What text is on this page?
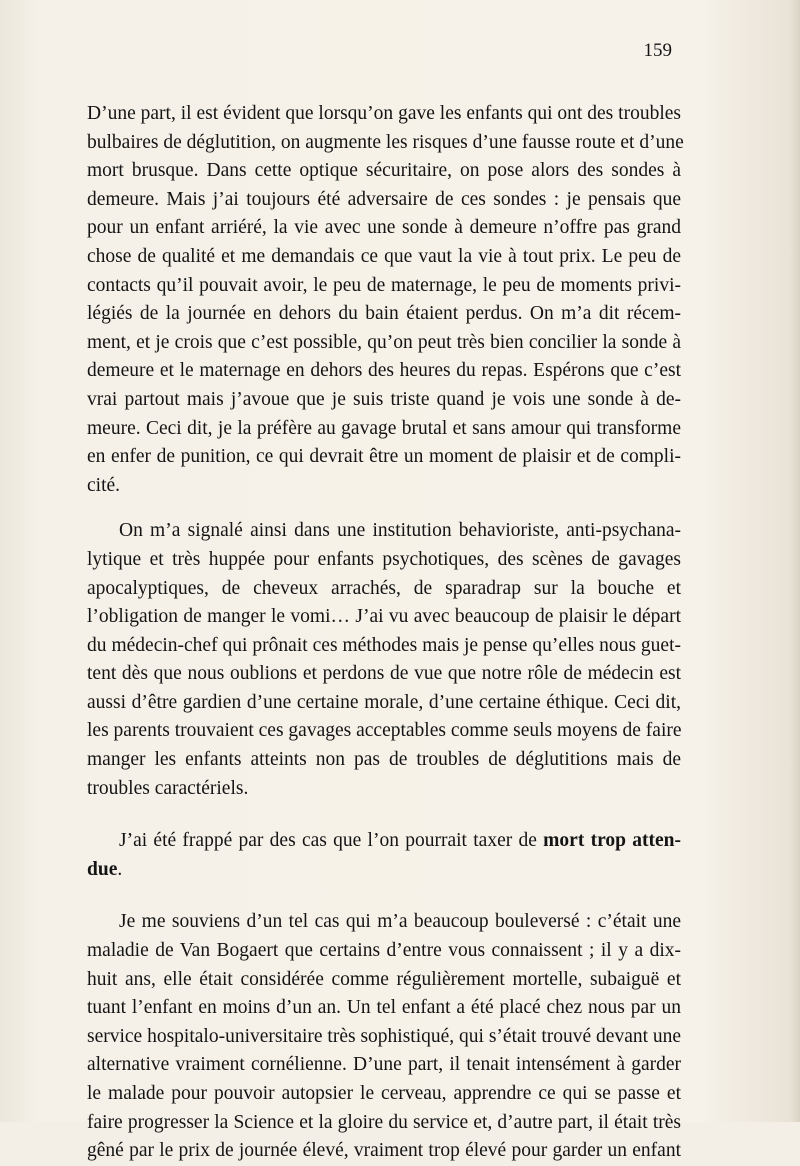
159
D’une part, il est évident que lorsqu’on gave les enfants qui ont des troubles
bulbaires de déglutition, on augmente les risques d’une fausse route et d’une
mort brusque. Dans cette optique sécuritaire, on pose alors des sondes à
demeure. Mais j’ai toujours été adversaire de ces sondes : je pensais que
pour un enfant arriéré, la vie avec une sonde à demeure n’offre pas grand
chose de qualité et me demandais ce que vaut la vie à tout prix. Le peu de
contacts qu’il pouvait avoir, le peu de maternage, le peu de moments privi-
légiés de la journée en dehors du bain étaient perdus. On m’a dit récem-
ment, et je crois que c’est possible, qu’on peut très bien concilier la sonde à
demeure et le maternage en dehors des heures du repas. Espérons que c’est
vrai partout mais j’avoue que je suis triste quand je vois une sonde à de-
meure. Ceci dit, je la préfère au gavage brutal et sans amour qui transforme
en enfer de punition, ce qui devrait être un moment de plaisir et de compli-
cité.
On m’a signalé ainsi dans une institution behavioriste, anti-psychana-
lytique et très huppée pour enfants psychotiques, des scènes de gavages
apocalyptiques, de cheveux arrachés, de sparadrap sur la bouche et
l’obligation de manger le vomi… J’ai vu avec beaucoup de plaisir le départ
du médecin-chef qui prônait ces méthodes mais je pense qu’elles nous guet-
tent dès que nous oublions et perdons de vue que notre rôle de médecin est
aussi d’être gardien d’une certaine morale, d’une certaine éthique. Ceci dit,
les parents trouvaient ces gavages acceptables comme seuls moyens de faire
manger les enfants atteints non pas de troubles de déglutitions mais de
troubles caractériels.
J’ai été frappé par des cas que l’on pourrait taxer de mort trop atten-
due.
Je me souviens d’un tel cas qui m’a beaucoup bouleversé : c’était une
maladie de Van Bogaert que certains d’entre vous connaissent ; il y a dix-
huit ans, elle était considérée comme régulièrement mortelle, subaiguë et
tuant l’enfant en moins d’un an. Un tel enfant a été placé chez nous par un
service hospitalo-universitaire très sophistiqué, qui s’était trouvé devant une
alternative vraiment cornélienne. D’une part, il tenait intensément à garder
le malade pour pouvoir autopsier le cerveau, apprendre ce qui se passe et
faire progresser la Science et la gloire du service et, d’autre part, il était très
gêné par le prix de journée élevé, vraiment trop élevé pour garder un enfant
